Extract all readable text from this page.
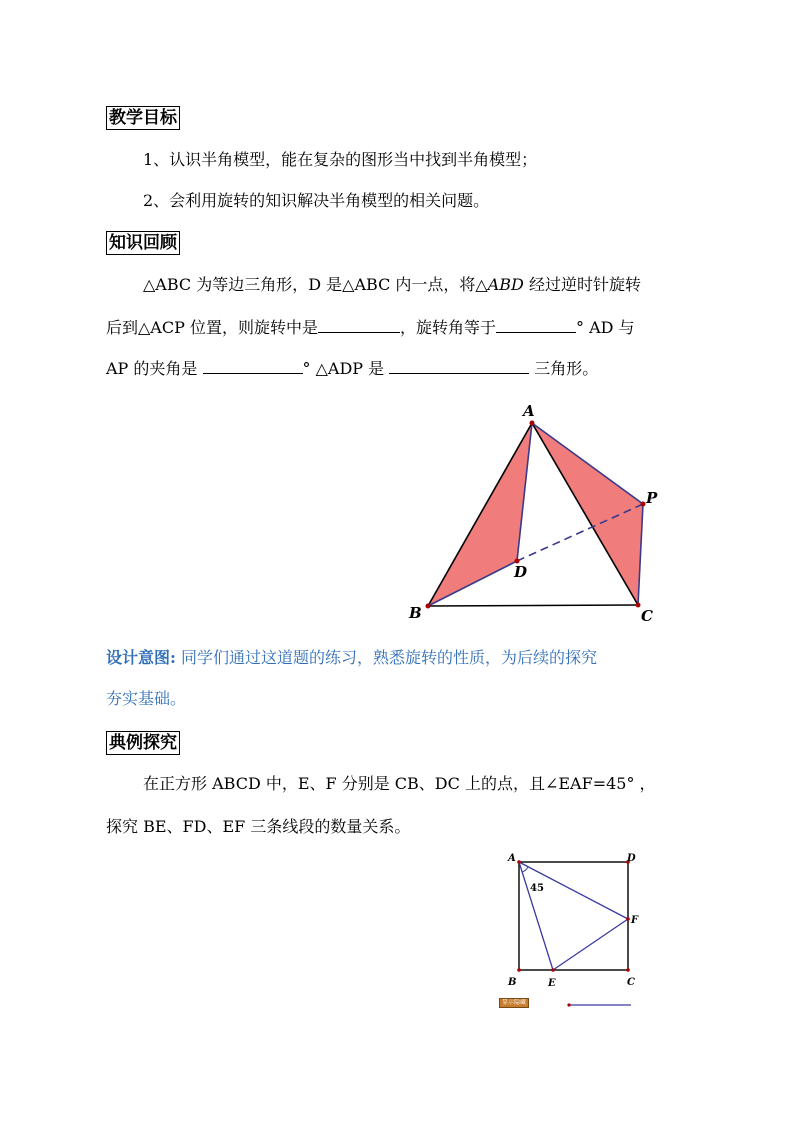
教学目标
1、认识半角模型，能在复杂的图形当中找到半角模型；
2、会利用旋转的知识解决半角模型的相关问题。
知识回顾
△ABC 为等边三角形，D 是△ABC 内一点，将△ABD 经过逆时针旋转
后到△ACP 位置，则旋转中是	，旋转角等于	° AD 与
AP 的夹角是	° △ADP 是	三角形。
A
B	C
D
P
设计意图: 同学们通过这道题的练习，熟悉旋转的性质，为后续的探究
夯实基础。
典例探究
在正方形 ABCD 中，E、F 分别是 CB、DC 上的点，且∠EAF=45° ，
探究 BE、FD、EF 三条线段的数量关系。
A	D
F
B	E	C
45
显示隐藏
